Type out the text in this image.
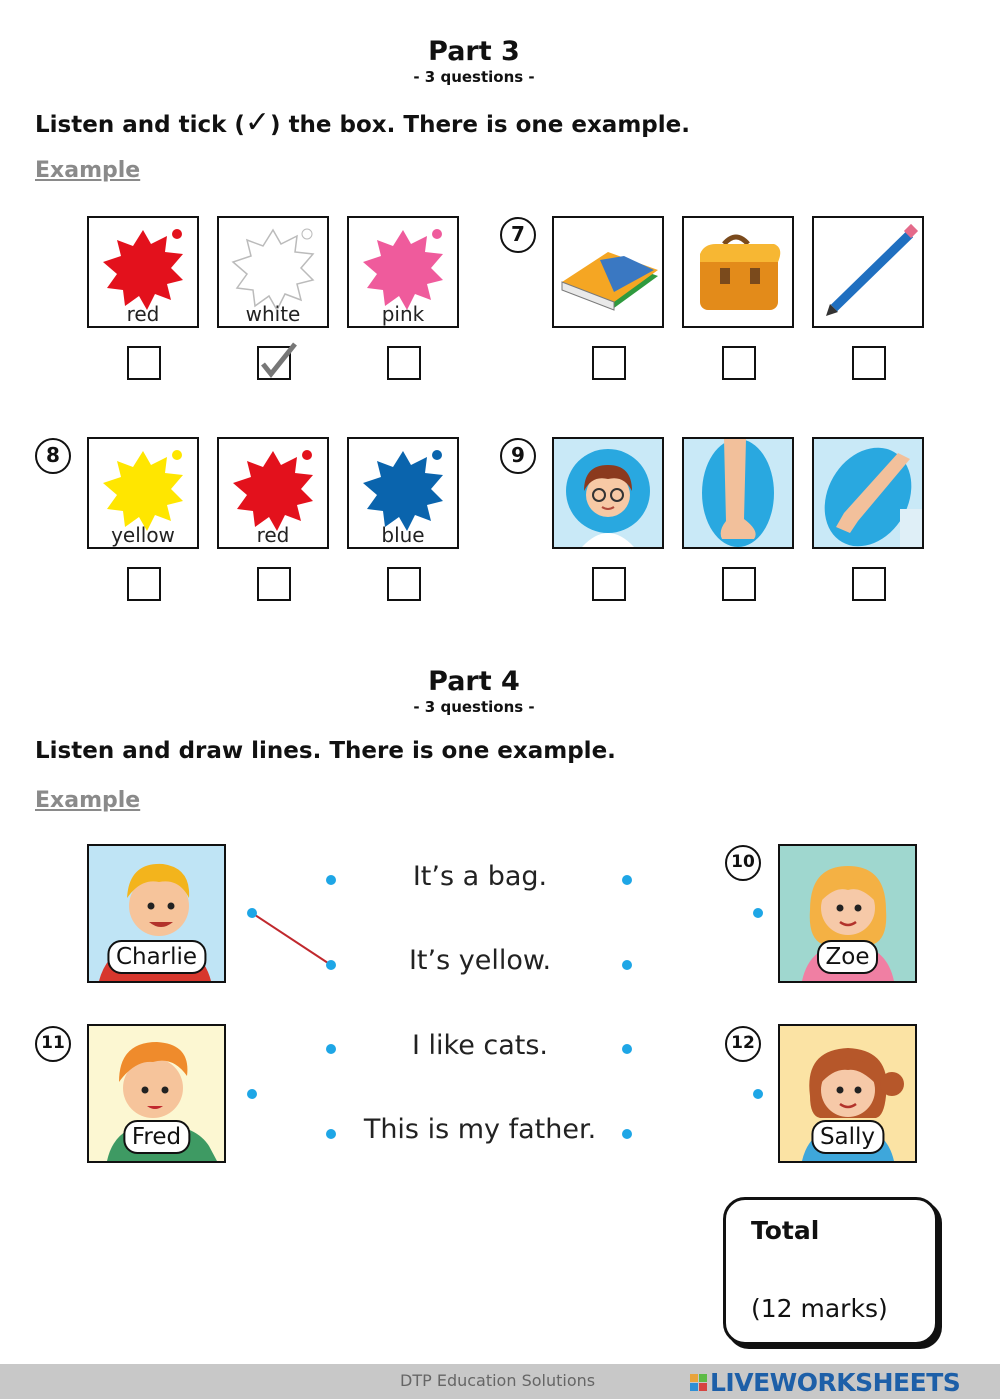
Part 3
- 3 questions -
Listen and tick (✓) the box. There is one example.
Example
red	white	pink
7
8
yellow	red	blue
9
Part 4
- 3 questions -
Listen and draw lines. There is one example.
Example
Charlie	Zoe
Fred	Sally
10
11	12
It’s a bag.
It’s yellow.
I like cats.
This is my father.
Total
(12 marks)
DTP Education Solutions	LIVEWORKSHEETS
